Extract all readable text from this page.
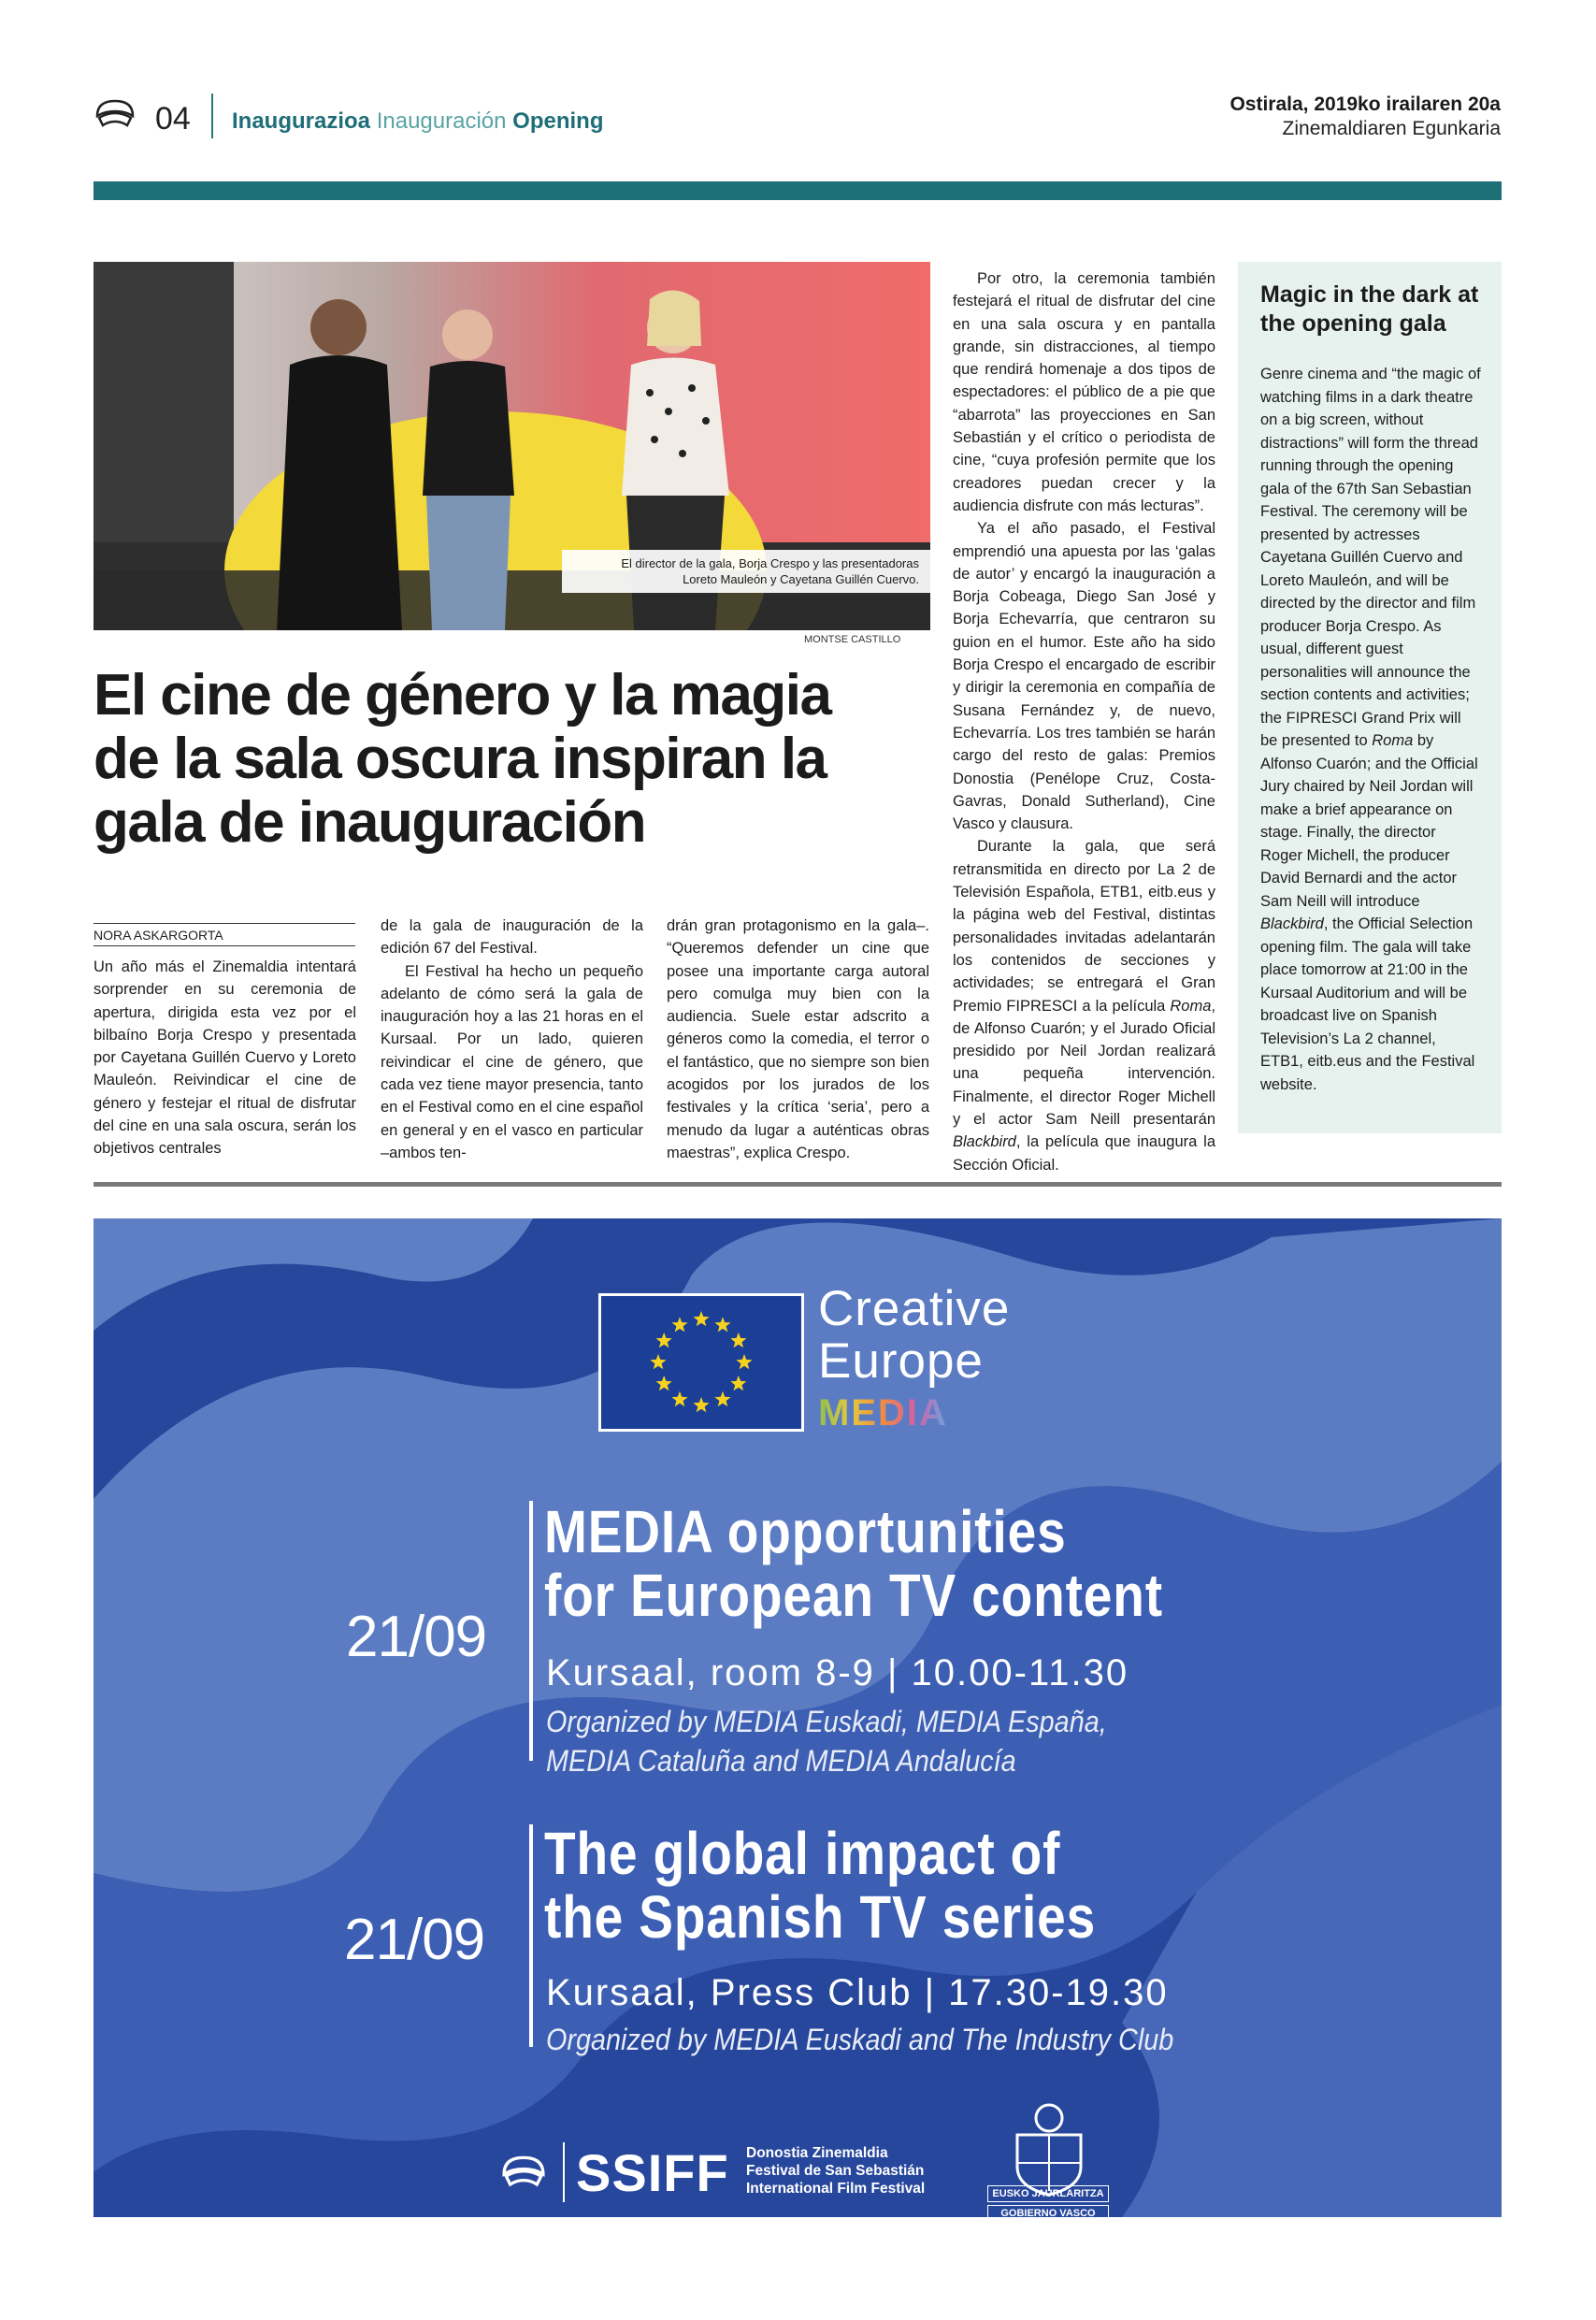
04 Inaugurazioa Inauguración Opening
Ostirala, 2019ko irailaren 20a
Zinemaldiaren Egunkaria
El director de la gala, Borja Crespo y las presentadoras
Loreto Mauleón y Cayetana Guillén Cuervo.
MONTSE CASTILLO
El cine de género y la magia
de la sala oscura inspiran la
gala de inauguración
NORA ASKARGORTA

Un año más el Zinemaldia intentará sorprender en su ceremonia de apertura, dirigida esta vez por el bilbaíno Borja Crespo y presentada por Cayetana Guillén Cuervo y Loreto Mauleón. Reivindicar el cine de género y festejar el ritual de disfrutar del cine en una sala oscura, serán los objetivos centrales

de la gala de inauguración de la edición 67 del Festival.

El Festival ha hecho un pequeño adelanto de cómo será la gala de inauguración hoy a las 21 horas en el Kursaal. Por un lado, quieren reivindicar el cine de género, que cada vez tiene mayor presencia, tanto en el Festival como en el cine español en general y en el vasco en particular –ambos ten-

drán gran protagonismo en la gala–. “Queremos defender un cine que posee una importante carga autoral pero comulga muy bien con la audiencia. Suele estar adscrito a géneros como la comedia, el terror o el fantástico, que no siempre son bien acogidos por los jurados de los festivales y la crítica ‘seria’, pero a menudo da lugar a auténticas obras maestras”, explica Crespo.

Por otro, la ceremonia también festejará el ritual de disfrutar del cine en una sala oscura y en pantalla grande, sin distracciones, al tiempo que rendirá homenaje a dos tipos de espectadores: el público de a pie que “abarrota” las proyecciones en San Sebastián y el crítico o periodista de cine, “cuya profesión permite que los creadores puedan crecer y la audiencia disfrute con más lecturas”.

Ya el año pasado, el Festival emprendió una apuesta por las ‘galas de autor’ y encargó la inauguración a Borja Cobeaga, Diego San José y Borja Echevarría, que centraron su guion en el humor. Este año ha sido Borja Crespo el encargado de escribir y dirigir la ceremonia en compañía de Susana Fernández y, de nuevo, Echevarría. Los tres también se harán cargo del resto de galas: Premios Donostia (Penélope Cruz, Costa-Gavras, Donald Sutherland), Cine Vasco y clausura.

Durante la gala, que será retransmitida en directo por La 2 de Televisión Española, ETB1, eitb.eus y la página web del Festival, distintas personalidades invitadas adelantarán los contenidos de secciones y actividades; se entregará el Gran Premio FIPRESCI a la película Roma, de Alfonso Cuarón; y el Jurado Oficial presidido por Neil Jordan realizará una pequeña intervención. Finalmente, el director Roger Michell y el actor Sam Neill presentarán Blackbird, la película que inaugura la Sección Oficial.

Magic in the dark at the opening gala
Genre cinema and “the magic of watching films in a dark theatre on a big screen, without distractions” will form the thread running through the opening gala of the 67th San Sebastian Festival. The ceremony will be presented by actresses Cayetana Guillén Cuervo and Loreto Mauleón, and will be directed by the director and film producer Borja Crespo. As usual, different guest personalities will announce the section contents and activities; the FIPRESCI Grand Prix will be presented to Roma by Alfonso Cuarón; and the Official Jury chaired by Neil Jordan will make a brief appearance on stage. Finally, the director Roger Michell, the producer David Bernardi and the actor Sam Neill will introduce Blackbird, the Official Selection opening film. The gala will take place tomorrow at 21:00 in the Kursaal Auditorium and will be broadcast live on Spanish Television’s La 2 channel, ETB1, eitb.eus and the Festival website.
Creative
Europe
MEDIA
21/09
MEDIA opportunities
for European TV content
Kursaal, room 8-9 | 10.00-11.30
Organized by MEDIA Euskadi, MEDIA España,
MEDIA Cataluña and MEDIA Andalucía
21/09
The global impact of
the Spanish TV series
Kursaal, Press Club | 17.30-19.30
Organized by MEDIA Euskadi and The Industry Club
SSIFF Donostia Zinemaldia
Festival de San Sebastián
International Film Festival	EUSKO JAURLARITZA
GOBIERNO VASCO
